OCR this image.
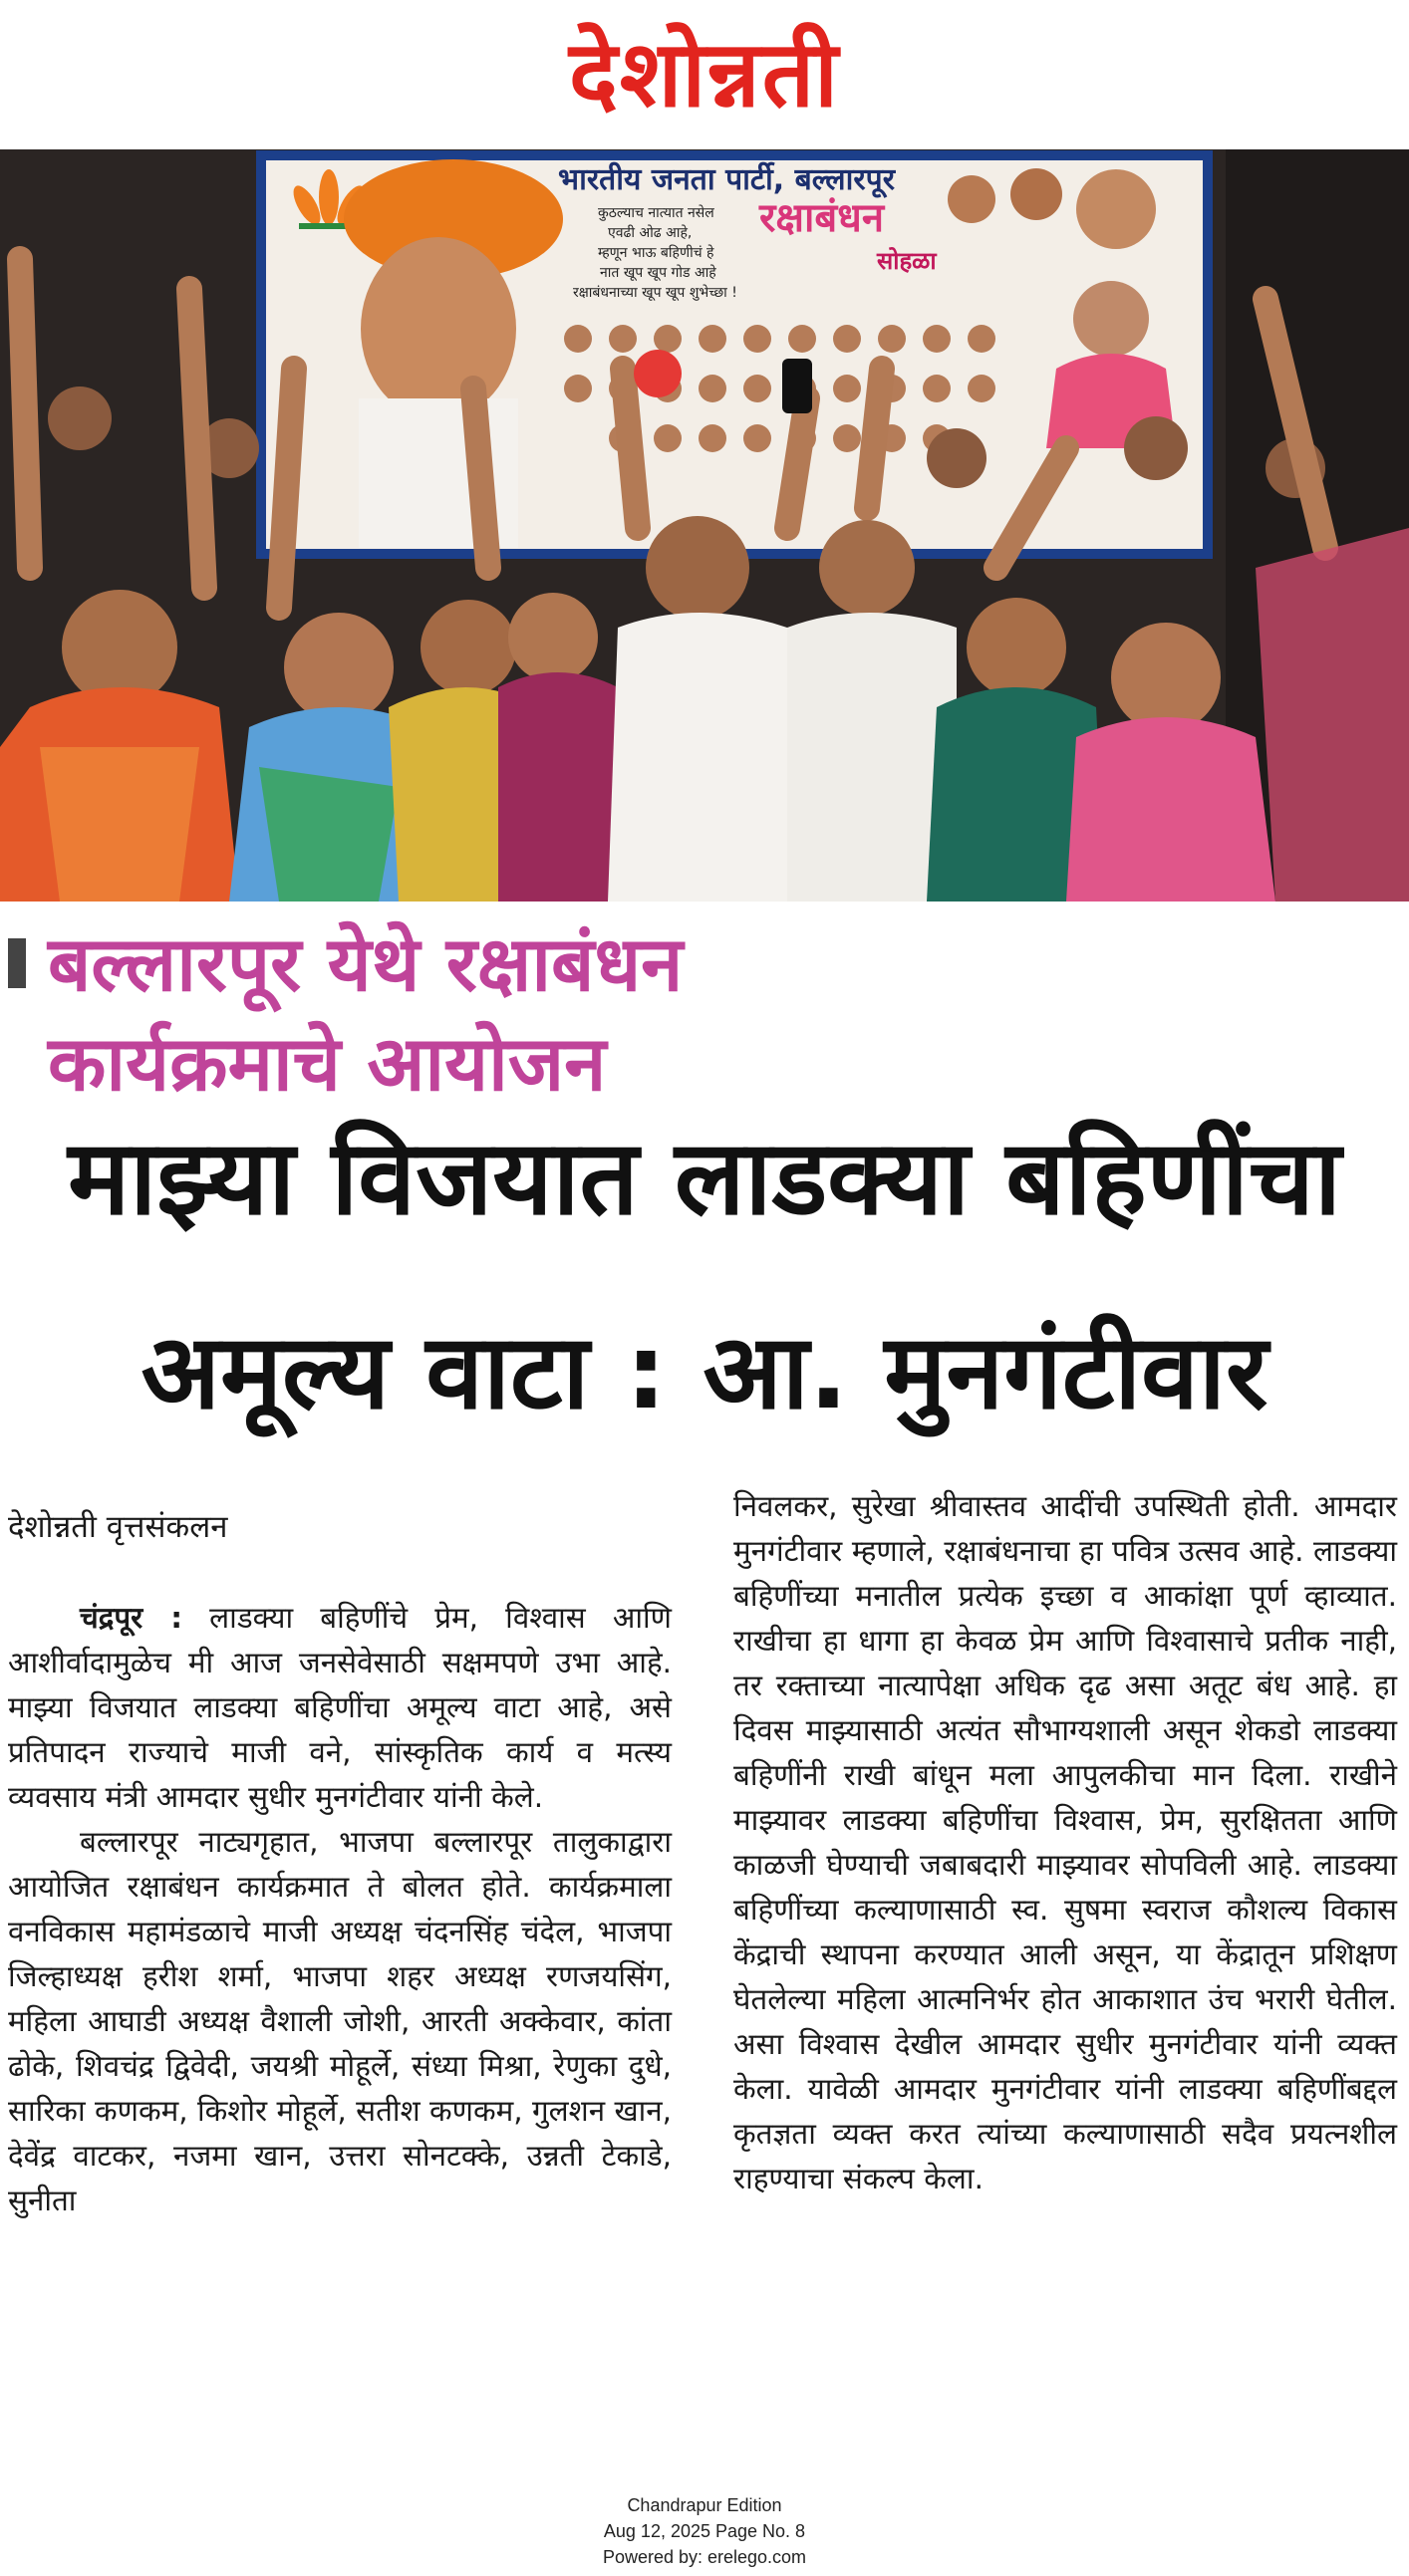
देशोन्नती
भारतीय जनता पार्टी, बल्लारपूर
कुठल्याच नात्यात नसेल
एवढी ओढ आहे,
म्हणून भाऊ बहिणीचं हे
नात खूप खूप गोड आहे
रक्षाबंधनाच्या खूप खूप शुभेच्छा !
रक्षाबंधन
सोहळा
बल्लारपूर येथे रक्षाबंधन
कार्यक्रमाचे आयोजन
माझ्या विजयात लाडक्या बहिणींचा
अमूल्य वाटा : आ. मुनगंटीवार
देशोन्नती वृत्तसंकलन

चंद्रपूर : लाडक्या बहिणींचे प्रेम, विश्वास आणि आशीर्वादामुळेच मी आज जनसेवेसाठी सक्षमपणे उभा आहे. माझ्या विजयात लाडक्या बहिणींचा अमूल्य वाटा आहे, असे प्रतिपादन राज्याचे माजी वने, सांस्कृतिक कार्य व मत्स्य व्यवसाय मंत्री आमदार सुधीर मुनगंटीवार यांनी केले.

बल्लारपूर नाट्यगृहात, भाजपा बल्लारपूर तालुकाद्वारा आयोजित रक्षाबंधन कार्यक्रमात ते बोलत होते. कार्यक्रमाला वनविकास महामंडळाचे माजी अध्यक्ष चंदनसिंह चंदेल, भाजपा जिल्हाध्यक्ष हरीश शर्मा, भाजपा शहर अध्यक्ष रणजयसिंग, महिला आघाडी अध्यक्ष वैशाली जोशी, आरती अक्केवार, कांता ढोके, शिवचंद्र द्विवेदी, जयश्री मोहूर्ले, संध्या मिश्रा, रेणुका दुधे, सारिका कणकम, किशोर मोहूर्ले, सतीश कणकम, गुलशन खान, देवेंद्र वाटकर, नजमा खान, उत्तरा सोनटक्के, उन्नती टेकाडे, सुनीता

निवलकर, सुरेखा श्रीवास्तव आदींची उपस्थिती होती. आमदार मुनगंटीवार म्हणाले, रक्षाबंधनाचा हा पवित्र उत्सव आहे. लाडक्या बहिणींच्या मनातील प्रत्येक इच्छा व आकांक्षा पूर्ण व्हाव्यात. राखीचा हा धागा हा केवळ प्रेम आणि विश्वासाचे प्रतीक नाही, तर रक्ताच्या नात्यापेक्षा अधिक दृढ असा अतूट बंध आहे. हा दिवस माझ्यासाठी अत्यंत सौभाग्यशाली असून शेकडो लाडक्या बहिणींनी राखी बांधून मला आपुलकीचा मान दिला. राखीने माझ्यावर लाडक्या बहिणींचा विश्वास, प्रेम, सुरक्षितता आणि काळजी घेण्याची जबाबदारी माझ्यावर सोपविली आहे. लाडक्या बहिणींच्या कल्याणासाठी स्व. सुषमा स्वराज कौशल्य विकास केंद्राची स्थापना करण्यात आली असून, या केंद्रातून प्रशिक्षण घेतलेल्या महिला आत्मनिर्भर होत आकाशात उंच भरारी घेतील. असा विश्वास देखील आमदार सुधीर मुनगंटीवार यांनी व्यक्त केला. यावेळी आमदार मुनगंटीवार यांनी लाडक्या बहिणींबद्दल कृतज्ञता व्यक्त करत त्यांच्या कल्याणासाठी सदैव प्रयत्नशील राहण्याचा संकल्प केला.

Chandrapur Edition
Aug 12, 2025 Page No. 8
Powered by: erelego.com
